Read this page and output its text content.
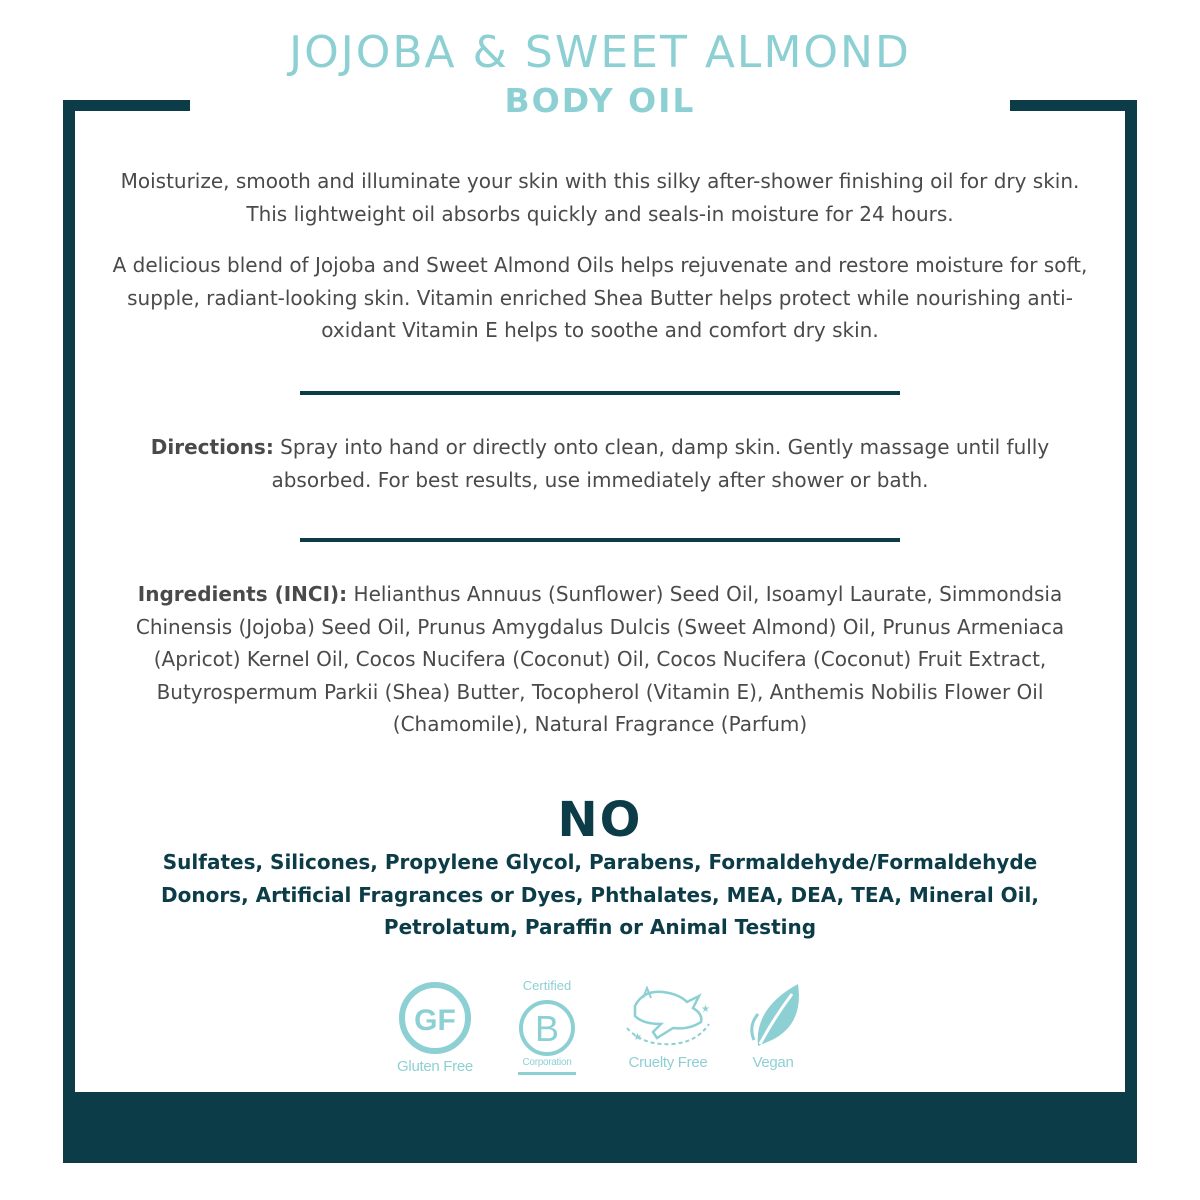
JOJOBA & SWEET ALMOND
BODY OIL
Moisturize, smooth and illuminate your skin with this silky after-shower finishing oil for dry skin. This lightweight oil absorbs quickly and seals-in moisture for 24 hours.
A delicious blend of Jojoba and Sweet Almond Oils helps rejuvenate and restore moisture for soft, supple, radiant-looking skin. Vitamin enriched Shea Butter helps protect while nourishing anti-oxidant Vitamin E helps to soothe and comfort dry skin.
Directions: Spray into hand or directly onto clean, damp skin. Gently massage until fully absorbed. For best results, use immediately after shower or bath.
Ingredients (INCI): Helianthus Annuus (Sunflower) Seed Oil, Isoamyl Laurate, Simmondsia Chinensis (Jojoba) Seed Oil, Prunus Amygdalus Dulcis (Sweet Almond) Oil, Prunus Armeniaca (Apricot) Kernel Oil, Cocos Nucifera (Coconut) Oil, Cocos Nucifera (Coconut) Fruit Extract, Butyrospermum Parkii (Shea) Butter, Tocopherol (Vitamin E), Anthemis Nobilis Flower Oil (Chamomile), Natural Fragrance (Parfum)
NO
Sulfates, Silicones, Propylene Glycol, Parabens, Formaldehyde/Formaldehyde Donors, Artificial Fragrances or Dyes, Phthalates, MEA, DEA, TEA, Mineral Oil, Petrolatum, Paraffin or Animal Testing
GF
Gluten Free
Certified
B
Corporation
★
★
Cruelty Free	Vegan
